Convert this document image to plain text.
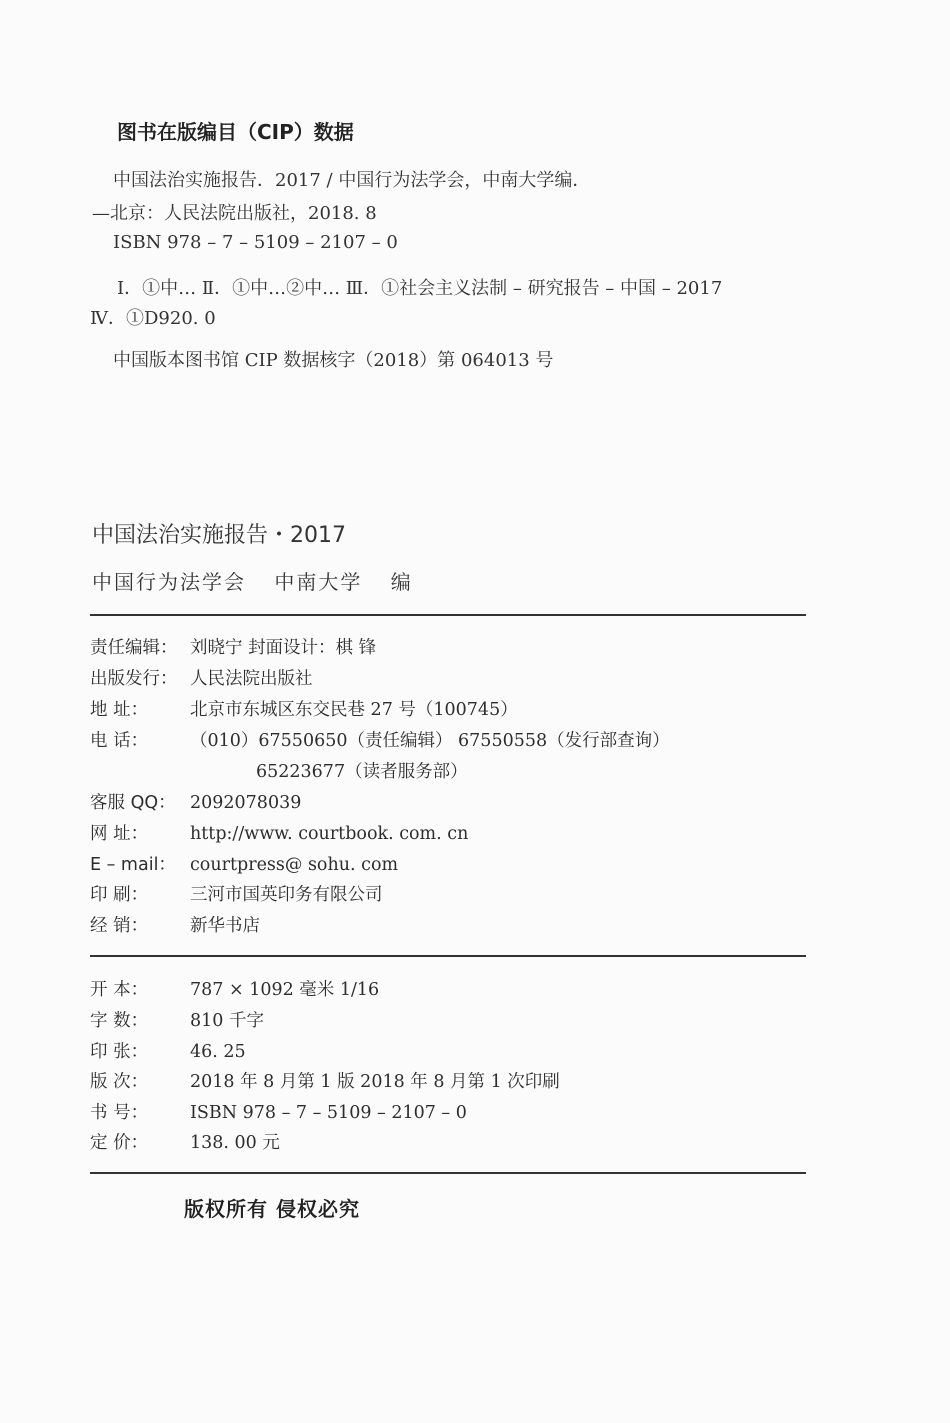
图书在版编目（CIP）数据
中国法治实施报告．2017 ∕ 中国行为法学会，中南大学编．
—北京：人民法院出版社，2018. 8
ISBN 978 – 7 – 5109 – 2107 – 0
Ⅰ．①中… Ⅱ．①中…②中… Ⅲ．①社会主义法制 – 研究报告 – 中国 – 2017
Ⅳ．①D920. 0
中国版本图书馆 CIP 数据核字（2018）第 064013 号
中国法治实施报告・2017
中国行为法学会 中南大学 编
责任编辑： 刘晓宁 封面设计：棋 锋
出版发行： 人民法院出版社
地 址： 北京市东城区东交民巷 27 号（100745）
电 话： （010）67550650（责任编辑） 67550558（发行部查询）
65223677（读者服务部）
客服 QQ： 2092078039
网 址： http://www. courtbook. com. cn
E – mail： courtpress@ sohu. com
印 刷： 三河市国英印务有限公司
经 销： 新华书店
开 本： 787 × 1092 毫米 1/16
字 数： 810 千字
印 张： 46. 25
版 次： 2018 年 8 月第 1 版 2018 年 8 月第 1 次印刷
书 号： ISBN 978 – 7 – 5109 – 2107 – 0
定 价： 138. 00 元
版权所有 侵权必究
